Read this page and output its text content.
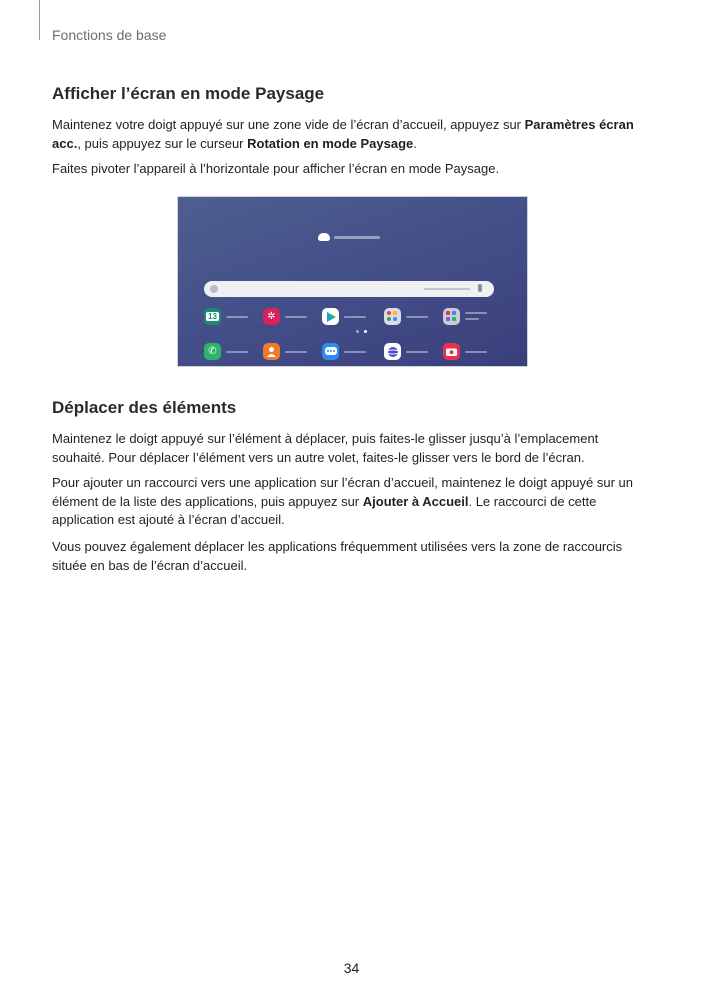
Fonctions de base
Afficher l’écran en mode Paysage

Maintenez votre doigt appuyé sur une zone vide de l’écran d’accueil, appuyez sur Paramètres écran acc., puis appuyez sur le curseur Rotation en mode Paysage.

Faites pivoter l’appareil à l’horizontale pour afficher l’écran en mode Paysage.

13	✲
✆
Déplacer des éléments

Maintenez le doigt appuyé sur l’élément à déplacer, puis faites-le glisser jusqu’à l’emplacement souhaité. Pour déplacer l’élément vers un autre volet, faites-le glisser vers le bord de l’écran.

Pour ajouter un raccourci vers une application sur l’écran d’accueil, maintenez le doigt appuyé sur un élément de la liste des applications, puis appuyez sur Ajouter à Accueil. Le raccourci de cette application est ajouté à l’écran d’accueil.

Vous pouvez également déplacer les applications fréquemment utilisées vers la zone de raccourcis située en bas de l’écran d’accueil.

34
